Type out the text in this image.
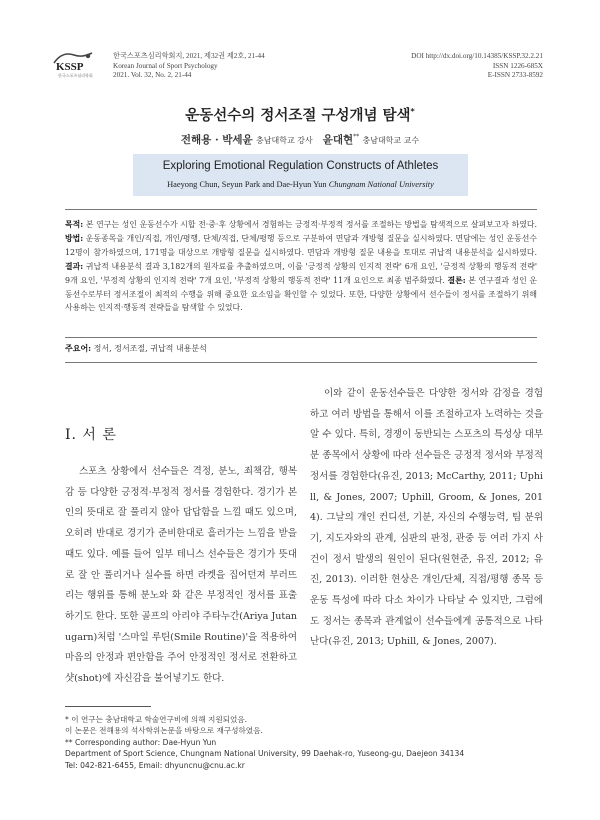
KSSP
한국스포츠심리학회
한국스포츠심리학회지, 2021, 제32권 제2호, 21-44
Korean Journal of Sport Psychology
2021. Vol. 32, No. 2, 21-44
DOI http://dx.doi.org/10.14385/KSSP.32.2.21
ISSN 1226-685X
E-ISSN 2733-8592
운동선수의 정서조절 구성개념 탐색*
전해용 · 박세윤 충남대학교 강사 윤대현** 충남대학교 교수
Exploring Emotional Regulation Constructs of Athletes
Haeyong Chun, Seyun Park and Dae-Hyun Yun Chungnam National University
목적: 본 연구는 성인 운동선수가 시합 전·중·후 상황에서 경험하는 긍정적·부정적 정서를 조절하는 방법을 탐색적으로 살펴보고자 하였다. 방법: 운동종목을 개인/직접, 개인/평행, 단체/직접, 단체/평행 등으로 구분하여 면담과 개방형 질문을 실시하였다. 면담에는 성인 운동선수 12명이 참가하였으며, 171명을 대상으로 개방형 질문을 실시하였다. 면담과 개방형 질문 내용을 토대로 귀납적 내용분석을 실시하였다. 결과: 귀납적 내용분석 결과 3,182개의 원자료를 추출하였으며, 이를 '긍정적 상황의 인지적 전략' 6개 요인, '긍정적 상황의 행동적 전략' 9개 요인, '부정적 상황의 인지적 전략' 7개 요인, '부정적 상황의 행동적 전략' 11개 요인으로 최종 범주화였다. 결론: 본 연구결과 성인 운동선수로부터 정서조절이 최적의 수행을 위해 중요한 요소임을 확인할 수 있었다. 또한, 다양한 상황에서 선수들이 정서를 조절하기 위해 사용하는 인지적·행동적 전략들을 탐색할 수 있었다.
주요어: 정서, 정서조절, 귀납적 내용분석
Ⅰ. 서 론
스포츠 상황에서 선수들은 격정, 분노, 죄책감, 행복감 등 다양한 긍정적·부정적 정서를 경험한다. 경기가 본인의 뜻대로 잘 풀리지 않아 답답함을 느낄 때도 있으며, 오히려 반대로 경기가 준비한대로 흘러가는 느낌을 받을 때도 있다. 예를 들어 일부 테니스 선수들은 경기가 뜻대로 잘 안 풀리거나 실수를 하면 라켓을 집어던져 부러뜨리는 행위를 통해 분노와 화 같은 부정적인 정서를 표출하기도 한다. 또한 골프의 아리야 주타누간(Ariya Jutanugarn)처럼 '스마일 루틴(Smile Routine)'을 적용하여 마음의 안정과 편안함을 주어 안정적인 정서로 전환하고 샷(shot)에 자신감을 불어넣기도 한다.
이와 같이 운동선수들은 다양한 정서와 감정을 경험하고 여러 방법을 통해서 이를 조절하고자 노력하는 것을 알 수 있다. 특히, 경쟁이 동반되는 스포츠의 특성상 대부분 종목에서 상황에 따라 선수들은 긍정적 정서와 부정적 정서를 경험한다(유진, 2013; McCarthy, 2011; Uphill, & Jones, 2007; Uphill, Groom, & Jones, 2014). 그날의 개인 컨디션, 기분, 자신의 수행능력, 팀 분위기, 지도자와의 관계, 심판의 판정, 관중 등 여러 가지 사건이 정서 발생의 원인이 된다(원현준, 유진, 2012; 유진, 2013). 이러한 현상은 개인/단체, 직접/평행 종목 등 운동 특성에 따라 다소 차이가 나타날 수 있지만, 그럼에도 정서는 종목과 관계없이 선수들에게 공통적으로 나타난다(유진, 2013; Uphill, & Jones, 2007).
* 이 연구는 충남대학교 학술연구비에 의해 지원되었음.
이 논문은 전해용의 석사학위논문을 바탕으로 재구성하였음.
** Corresponding author: Dae-Hyun Yun
Department of Sport Science, Chungnam National University, 99 Daehak-ro, Yuseong-gu, Daejeon 34134
Tel: 042-821-6455, Email: dhyuncnu@cnu.ac.kr
